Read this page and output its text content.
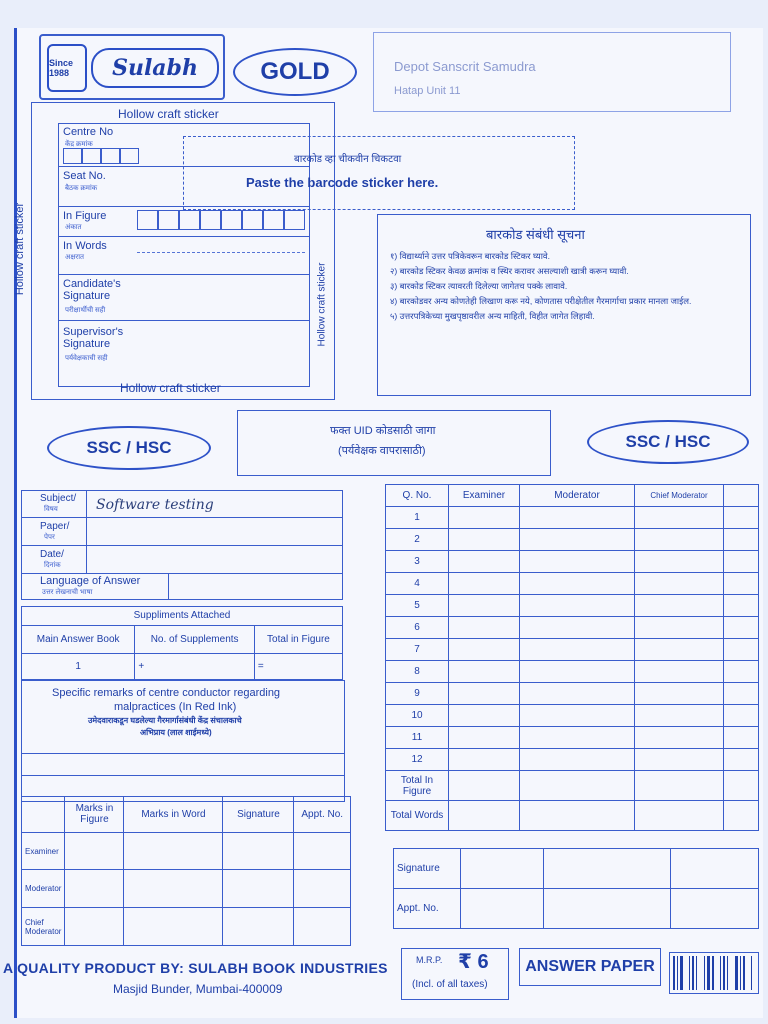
Since 1988	Sulabh	GOLD	Depot Sanscrit Samudra
Hatap Unit 11
Hollow craft sticker
Hollow craft sticker
Hollow craft sticker
Centre No
केंद्र क्रमांक
Seat No.
बैठक क्रमांक
In Figure
अंकात
In Words
अक्षरात
Candidate's Signature
परीक्षार्थीची सही
Supervisor's Signature
पर्यवेक्षकाची सही
Hollow craft sticker
बारकोड व्हा चीकवीन चिकटवा
Paste the barcode sticker here.
बारकोड संबंधी सूचना
१) विद्यार्थ्याने उत्तर पत्रिकेवरून बारकोड स्टिकर घ्यावे.
२) बारकोड स्टिकर केवळ क्रमांक व स्थिर करावर असल्याशी खात्री करून घ्यावी.
३) बारकोड स्टिकर त्यावरती दिलेल्या जागेतच पक्के लावावे.
४) बारकोडवर अन्य कोणतेही लिखाण करू नये, कोणतास परीक्षेतील गैरमार्गाचा प्रकार मानला जाईल.
५) उत्तरपत्रिकेच्या मुखपृष्ठावरील अन्य माहिती, विहीत जागेत लिहावी.
SSC / HSC
फक्त UID कोडसाठी जागा
(पर्यवेक्षक वापरासाठी)	SSC / HSC
Subject/
विषय	Software testing
Paper/
पेपर
Date/
दिनांक
Language of Answer
उत्तर लेखनाची भाषा
Suppliments Attached		
Main Answer Book	No. of Supplements	Total in Figure
1	+	=
Specific remarks of centre conductor regarding
malpractices (In Red Ink)
उमेदवाराकडून घडलेल्या गैरमार्गासंबंधी केंद्र संचालकाचे
अभिप्राय (लाल शाईमध्ये)
	Marks in Figure	Marks in Word	Signature	Appt. No.
Examiner				
Moderator				
Chief Moderator				
Q. No.	Examiner	Moderator	Chief Moderator	
1				
2				
3				
4				
5				
6				
7				
8				
9				
10				
11				
12				
Total In Figure				
Total Words				
Signature			
Appt. No.			
A QUALITY PRODUCT BY: SULABH BOOK INDUSTRIES
Masjid Bunder, Mumbai-400009
M.R.P. ₹ 6
(Incl. of all taxes)
ANSWER PAPER
